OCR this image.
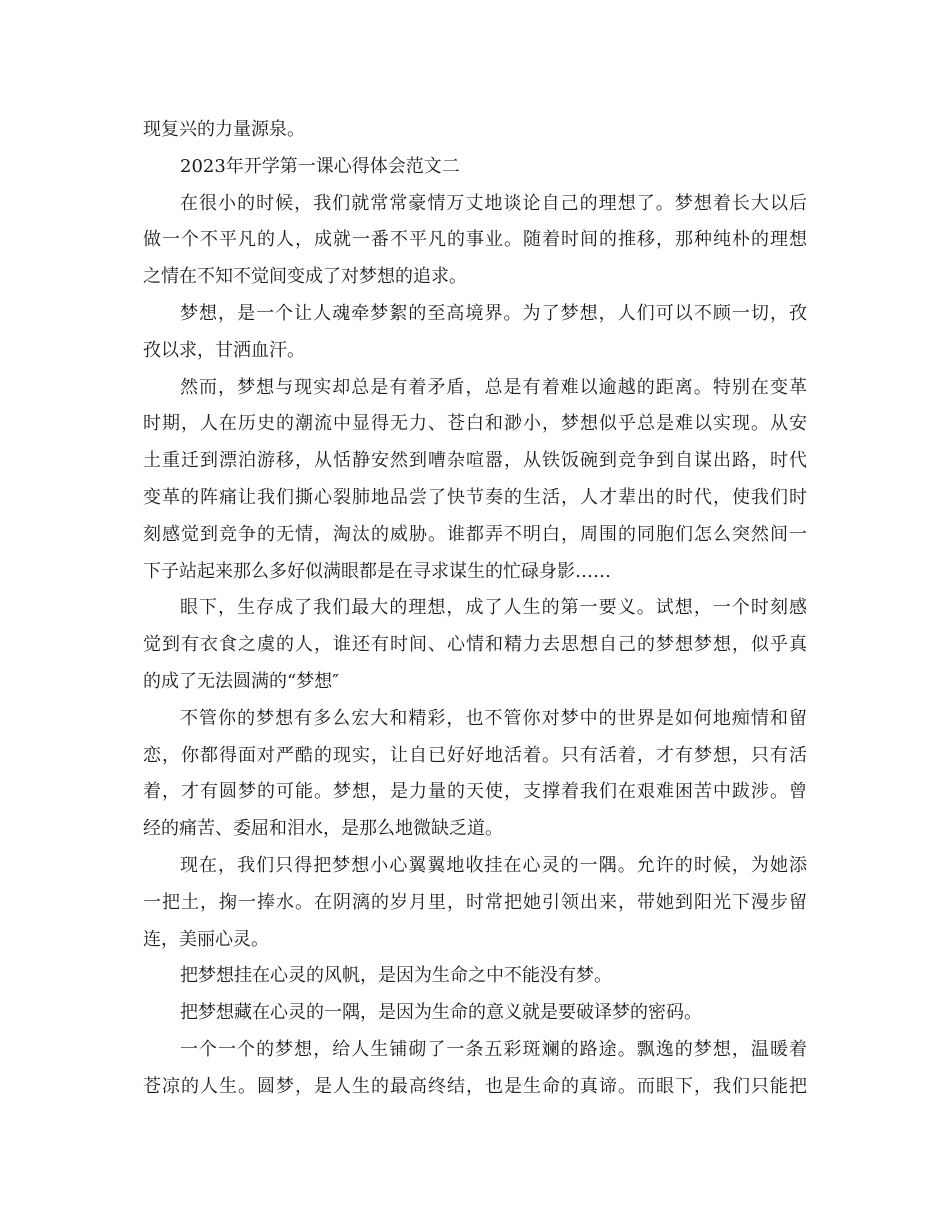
现复兴的力量源泉。
2023年开学第一课心得体会范文二
在很小的时候，我们就常常豪情万丈地谈论自己的理想了。梦想着长大以后
做一个不平凡的人，成就一番不平凡的事业。随着时间的推移，那种纯朴的理想
之情在不知不觉间变成了对梦想的追求。
梦想，是一个让人魂牵梦絮的至高境界。为了梦想，人们可以不顾一切，孜
孜以求，甘洒血汗。
然而，梦想与现实却总是有着矛盾，总是有着难以逾越的距离。特别在变革
时期，人在历史的潮流中显得无力、苍白和渺小，梦想似乎总是难以实现。从安
土重迁到漂泊游移，从恬静安然到嘈杂喧嚣，从铁饭碗到竞争到自谋出路，时代
变革的阵痛让我们撕心裂肺地品尝了快节奏的生活，人才辈出的时代，使我们时
刻感觉到竞争的无情，淘汰的威胁。谁都弄不明白，周围的同胞们怎么突然间一
下子站起来那么多好似满眼都是在寻求谋生的忙碌身影……
眼下，生存成了我们最大的理想，成了人生的第一要义。试想，一个时刻感
觉到有衣食之虞的人，谁还有时间、心情和精力去思想自己的梦想梦想，似乎真
的成了无法圆满的“梦想″
不管你的梦想有多么宏大和精彩，也不管你对梦中的世界是如何地痴情和留
恋，你都得面对严酷的现实，让自已好好地活着。只有活着，才有梦想，只有活
着，才有圆梦的可能。梦想，是力量的天使，支撑着我们在艰难困苦中跋涉。曾
经的痛苦、委屈和泪水，是那么地微缺乏道。
现在，我们只得把梦想小心翼翼地收挂在心灵的一隅。允许的时候，为她添
一把土，掬一捧水。在阴漓的岁月里，时常把她引领出来，带她到阳光下漫步留
连，美丽心灵。
把梦想挂在心灵的风帆，是因为生命之中不能没有梦。
把梦想藏在心灵的一隅，是因为生命的意义就是要破译梦的密码。
一个一个的梦想，给人生铺砌了一条五彩斑斓的路途。飘逸的梦想，温暖着
苍凉的人生。圆梦，是人生的最高终结，也是生命的真谛。而眼下，我们只能把
